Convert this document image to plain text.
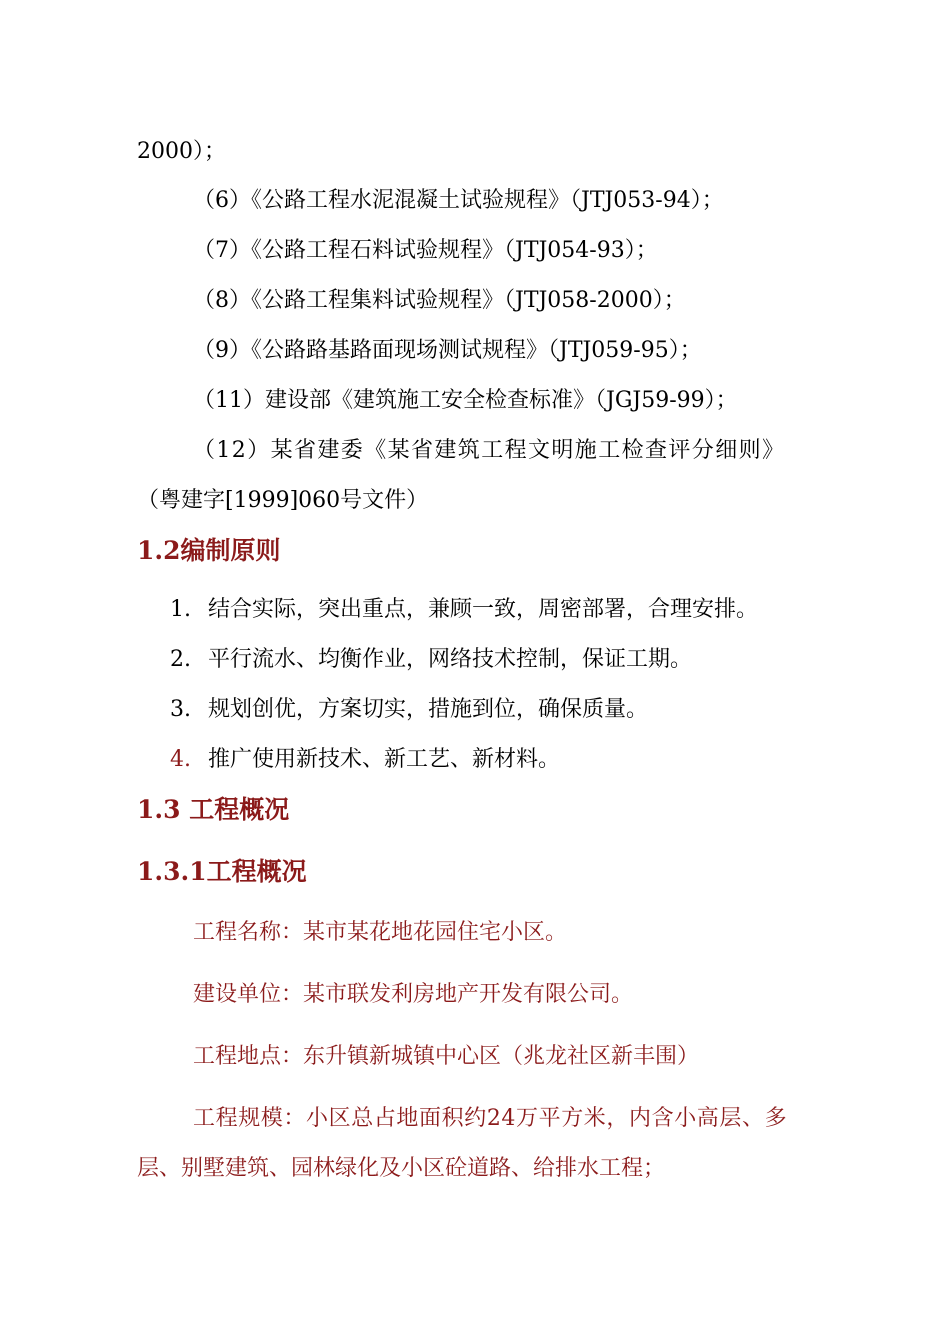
2000）；
（6）《公路工程水泥混凝土试验规程》（JTJ053-94）；
（7）《公路工程石料试验规程》（JTJ054-93）；
（8）《公路工程集料试验规程》（JTJ058-2000）；
（9）《公路路基路面现场测试规程》（JTJ059-95）；
（11）建设部《建筑施工安全检查标准》（JGJ59-99）；
（12）某省建委《某省建筑工程文明施工检查评分细则》
（粤建字[1999]060号文件）
1.2编制原则
1. 结合实际，突出重点，兼顾一致，周密部署，合理安排。
2. 平行流水、均衡作业，网络技术控制，保证工期。
3. 规划创优，方案切实，措施到位，确保质量。
4. 推广使用新技术、新工艺、新材料。
1.3 工程概况
1.3.1工程概况
工程名称：某市某花地花园住宅小区。
建设单位：某市联发利房地产开发有限公司。
工程地点：东升镇新城镇中心区（兆龙社区新丰围）
工程规模：小区总占地面积约24万平方米，内含小高层、多
层、别墅建筑、园林绿化及小区砼道路、给排水工程；
